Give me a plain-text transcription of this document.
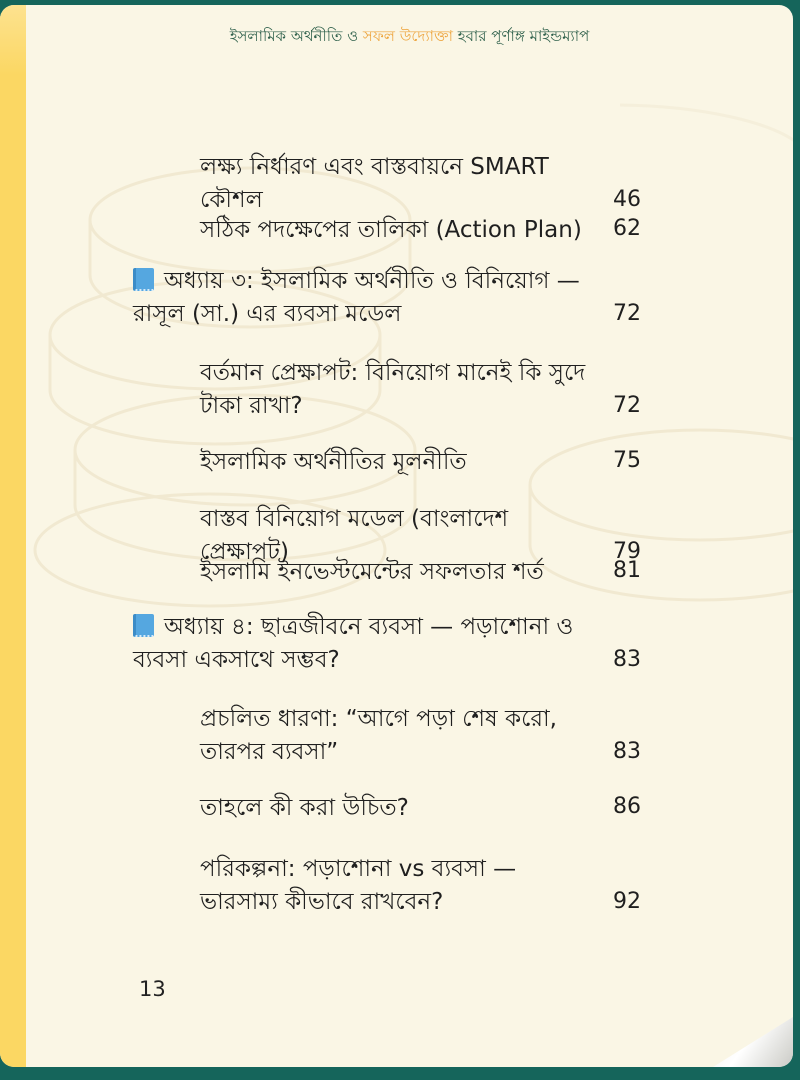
ইসলামিক অর্থনীতি ও সফল উদ্যোক্তা হবার পূর্ণাঙ্গ মাইন্ডম্যাপ
লক্ষ্য নির্ধারণ এবং বাস্তবায়নে SMART কৌশল	46
সঠিক পদক্ষেপের তালিকা (Action Plan)	62
অধ্যায় ৩: ইসলামিক অর্থনীতি ও বিনিয়োগ — রাসূল (সা.) এর ব্যবসা মডেল	72
বর্তমান প্রেক্ষাপট: বিনিয়োগ মানেই কি সুদে টাকা রাখা?	72
ইসলামিক অর্থনীতির মূলনীতি	75
বাস্তব বিনিয়োগ মডেল (বাংলাদেশ প্রেক্ষাপট)	79
ইসলামি ইনভেস্টমেন্টের সফলতার শর্ত	81
অধ্যায় ৪: ছাত্রজীবনে ব্যবসা — পড়াশোনা ও ব্যবসা একসাথে সম্ভব?	83
প্রচলিত ধারণা: “আগে পড়া শেষ করো, তারপর ব্যবসা”	83
তাহলে কী করা উচিত?	86
পরিকল্পনা: পড়াশোনা vs ব্যবসা — ভারসাম্য কীভাবে রাখবেন?	92
13
